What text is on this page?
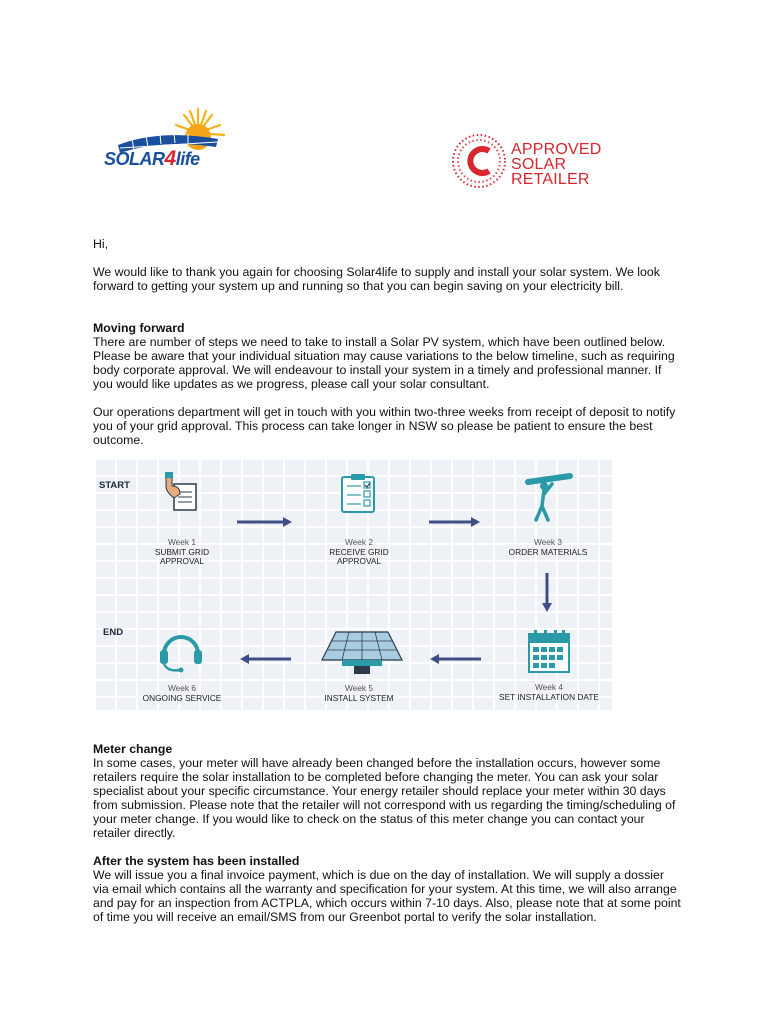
SOLAR4life	APPROVED
SOLAR
RETAILER

Hi,

We would like to thank you again for choosing Solar4life to supply and install your solar system. We look forward to getting your system up and running so that you can begin saving on your electricity bill.

Moving forward
There are number of steps we need to take to install a Solar PV system, which have been outlined below. Please be aware that your individual situation may cause variations to the below timeline, such as requiring body corporate approval. We will endeavour to install your system in a timely and professional manner. If you would like updates as we progress, please call your solar consultant.

Our operations department will get in touch with you within two-three weeks from receipt of deposit to notify you of your grid approval. This process can take longer in NSW so please be patient to ensure the best outcome.

START
END
Week 1
SUBMIT GRID
APPROVAL
Week 2
RECEIVE GRID
APPROVAL
Week 3
ORDER MATERIALS
Week 4
SET INSTALLATION DATE
Week 5
INSTALL SYSTEM
Week 6
ONGOING SERVICE

Meter change
In some cases, your meter will have already been changed before the installation occurs, however some retailers require the solar installation to be completed before changing the meter. You can ask your solar specialist about your specific circumstance. Your energy retailer should replace your meter within 30 days from submission. Please note that the retailer will not correspond with us regarding the timing/scheduling of your meter change. If you would like to check on the status of this meter change you can contact your retailer directly.

After the system has been installed
We will issue you a final invoice payment, which is due on the day of installation. We will supply a dossier via email which contains all the warranty and specification for your system. At this time, we will also arrange and pay for an inspection from ACTPLA, which occurs within 7-10 days. Also, please note that at some point of time you will receive an email/SMS from our Greenbot portal to verify the solar installation.
